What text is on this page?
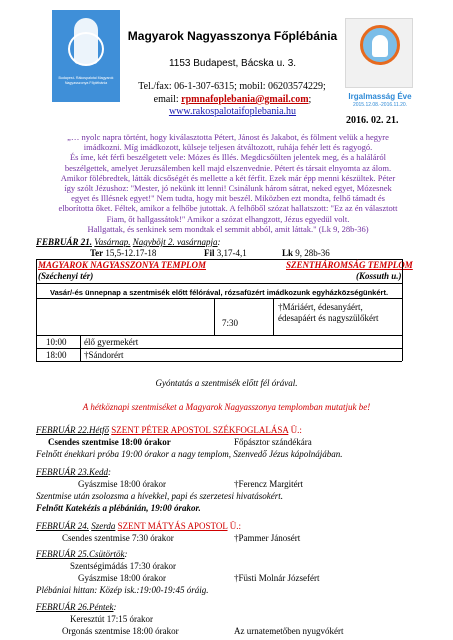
Budapest- Rákospalotai Magyarok Nagyasszonya Főplébánia
Irgalmasság Éve
2015.12.08.-2016.11.20.
2016. 02. 21.
Magyarok Nagyasszonya Főplébánia
1153 Budapest, Bácska u. 3.
Tel./fax: 06-1-307-6315; mobil: 06203574229;
email: rpmnafoplebania@gmail.com;
www.rakospalotaifoplebania.hu
„… nyolc napra történt, hogy kiválasztotta Pétert, Jánost és Jakabot, és fölment velük a hegyre
imádkozni. Míg imádkozott, külseje teljesen átváltozott, ruhája fehér lett és ragyogó.
És íme, két férfi beszélgetett vele: Mózes és Illés. Megdicsőülten jelentek meg, és a haláláról
beszélgettek, amelyet Jeruzsálemben kell majd elszenvednie. Pétert és társait elnyomta az álom.
Amikor fölébredtek, látták dicsőségét és mellette a két férfit. Ezek már épp menni készültek. Péter
így szólt Jézushoz: "Mester, jó nekünk itt lenni! Csinálunk három sátrat, neked egyet, Mózesnek
egyet és Illésnek egyet!" Nem tudta, hogy mit beszél. Miközben ezt mondta, felhő támadt és
elborította őket. Féltek, amikor a felhőbe jutottak. A felhőből szózat hallatszott: "Ez az én választott
Fiam, őt hallgassátok!" Amikor a szózat elhangzott, Jézus egyedül volt.
Hallgattak, és senkinek sem mondtak el semmit abból, amit láttak." (Lk 9, 28b-36)
FEBRUÁR 21. Vasárnap. Nagyböjt 2. vasárnapja:
Ter 15,5-12.17-18	Fil 3,17-4,1	Lk 9, 28b-36
MAGYAROK NAGYASSZONYA TEMPLOM
(Széchenyi tér)
SZENTHÁROMSÁG TEMPLOM
(Kossuth u.)
Vasár/-és ünnepnap a szentmisék előtt félórával, rózsafüzért imádkozunk egyházközségünkért.
7:30
†Máriáért, édesanyáért, édesapáért és nagyszülőkért
10:00 élő gyermekért
18:00 †Sándorért
Gyóntatás a szentmisék előtt fél órával.
A hétköznapi szentmiséket a Magyarok Nagyasszonya templomban mutatjuk be!
FEBRUÁR 22.Hétfő SZENT PÉTER APOSTOL SZÉKFOGLALÁSA Ü.:
Csendes szentmise 18:00 órakor	Főpásztor szándékára
Felnőtt énekkari próba 19:00 órakor a nagy templom, Szenvedő Jézus kápolnájában.
FEBRUÁR 23.Kedd:
Gyászmise 18:00 órakor	†Ferencz Margitért
Szentmise után zsolozsma a hívekkel, papi és szerzetesi hivatásokért.
Felnőtt Katekézis a plébánián, 19:00 órakor.
FEBRUÁR 24. Szerda SZENT MÁTYÁS APOSTOL Ü.:
Csendes szentmise 7:30 órakor	†Pammer Jánosért
FEBRUÁR 25.Csütörtök:
Szentségimádás 17:30 órakor
Gyászmise 18:00 órakor	†Füsti Molnár Józsefért
Plébániai hittan: Közép isk.:19:00-19:45 óráig.
FEBRUÁR 26.Péntek:
Keresztút 17:15 órakor
Orgonás szentmise 18:00 órakor	Az urnatemetőben nyugvókért
